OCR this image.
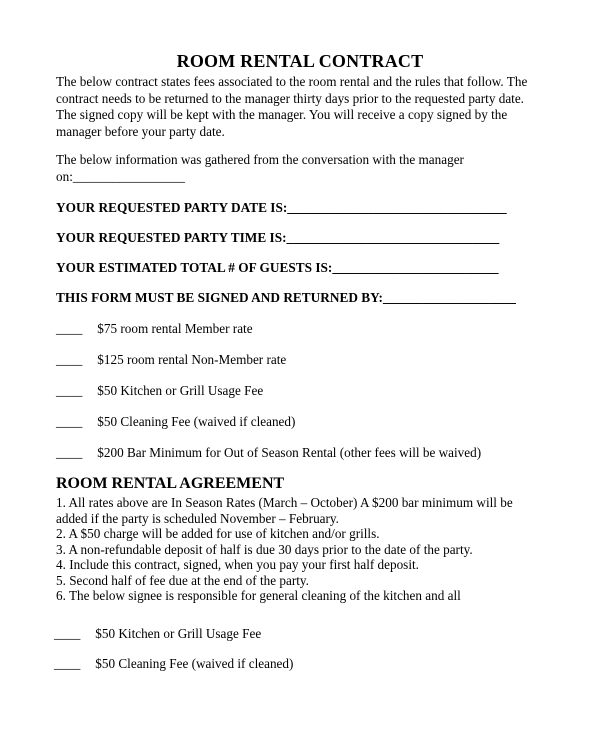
ROOM RENTAL CONTRACT

The below contract states fees associated to the room rental and the rules that follow. The

contract needs to be returned to the manager thirty days prior to the requested party date.

The signed copy will be kept with the manager. You will receive a copy signed by the

manager before your party date.

The below information was gathered from the conversation with the manager

on:_________________

YOUR REQUESTED PARTY DATE IS:_________________________________
YOUR REQUESTED PARTY TIME IS:________________________________
YOUR ESTIMATED TOTAL # OF GUESTS IS:_________________________
THIS FORM MUST BE SIGNED AND RETURNED BY:____________________
____ $75 room rental Member rate
____ $125 room rental Non-Member rate
____ $50 Kitchen or Grill Usage Fee
____ $50 Cleaning Fee (waived if cleaned)
____ $200 Bar Minimum for Out of Season Rental (other fees will be waived)
ROOM RENTAL AGREEMENT
1. All rates above are In Season Rates (March – October) A $200 bar minimum will be
added if the party is scheduled November – February.
2. A $50 charge will be added for use of kitchen and/or grills.
3. A non-refundable deposit of half is due 30 days prior to the date of the party.
4. Include this contract, signed, when you pay your first half deposit.
5. Second half of fee due at the end of the party.
6. The below signee is responsible for general cleaning of the kitchen and all
____ $50 Kitchen or Grill Usage Fee
____ $50 Cleaning Fee (waived if cleaned)
